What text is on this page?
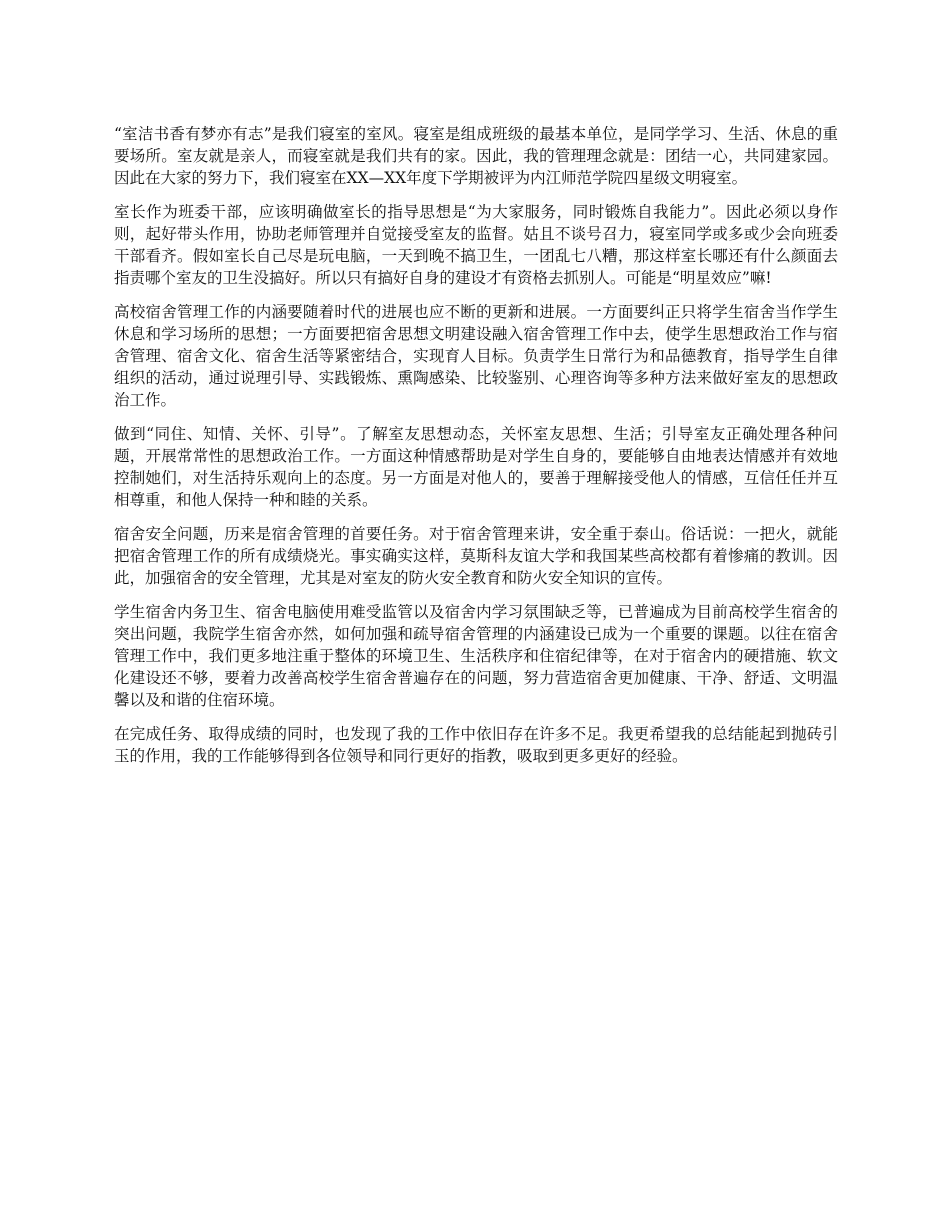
“室洁书香有梦亦有志”是我们寝室的室风。寝室是组成班级的最基本单位，是同学学习、生活、休息的重要场所。室友就是亲人，而寝室就是我们共有的家。因此，我的管理理念就是：团结一心，共同建家园。因此在大家的努力下，我们寝室在XX—XX年度下学期被评为内江师范学院四星级文明寝室。

室长作为班委干部，应该明确做室长的指导思想是“为大家服务，同时锻炼自我能力”。因此必须以身作则，起好带头作用，协助老师管理并自觉接受室友的监督。姑且不谈号召力，寝室同学或多或少会向班委干部看齐。假如室长自己尽是玩电脑，一天到晚不搞卫生，一团乱七八糟，那这样室长哪还有什么颜面去指责哪个室友的卫生没搞好。所以只有搞好自身的建设才有资格去抓别人。可能是“明星效应”嘛!

高校宿舍管理工作的内涵要随着时代的进展也应不断的更新和进展。一方面要纠正只将学生宿舍当作学生休息和学习场所的思想；一方面要把宿舍思想文明建设融入宿舍管理工作中去，使学生思想政治工作与宿舍管理、宿舍文化、宿舍生活等紧密结合，实现育人目标。负责学生日常行为和品德教育，指导学生自律组织的活动，通过说理引导、实践锻炼、熏陶感染、比较鉴别、心理咨询等多种方法来做好室友的思想政治工作。

做到“同住、知情、关怀、引导”。了解室友思想动态，关怀室友思想、生活；引导室友正确处理各种问题，开展常常性的思想政治工作。一方面这种情感帮助是对学生自身的，要能够自由地表达情感并有效地控制她们，对生活持乐观向上的态度。另一方面是对他人的，要善于理解接受他人的情感，互信任任并互相尊重，和他人保持一种和睦的关系。

宿舍安全问题，历来是宿舍管理的首要任务。对于宿舍管理来讲，安全重于泰山。俗话说：一把火，就能把宿舍管理工作的所有成绩烧光。事实确实这样，莫斯科友谊大学和我国某些高校都有着惨痛的教训。因此，加强宿舍的安全管理，尤其是对室友的防火安全教育和防火安全知识的宣传。

学生宿舍内务卫生、宿舍电脑使用难受监管以及宿舍内学习氛围缺乏等，已普遍成为目前高校学生宿舍的突出问题，我院学生宿舍亦然，如何加强和疏导宿舍管理的内涵建设已成为一个重要的课题。以往在宿舍管理工作中，我们更多地注重于整体的环境卫生、生活秩序和住宿纪律等，在对于宿舍内的硬措施、软文化建设还不够，要着力改善高校学生宿舍普遍存在的问题，努力营造宿舍更加健康、干净、舒适、文明温馨以及和谐的住宿环境。

在完成任务、取得成绩的同时，也发现了我的工作中依旧存在许多不足。我更希望我的总结能起到抛砖引玉的作用，我的工作能够得到各位领导和同行更好的指教，吸取到更多更好的经验。
